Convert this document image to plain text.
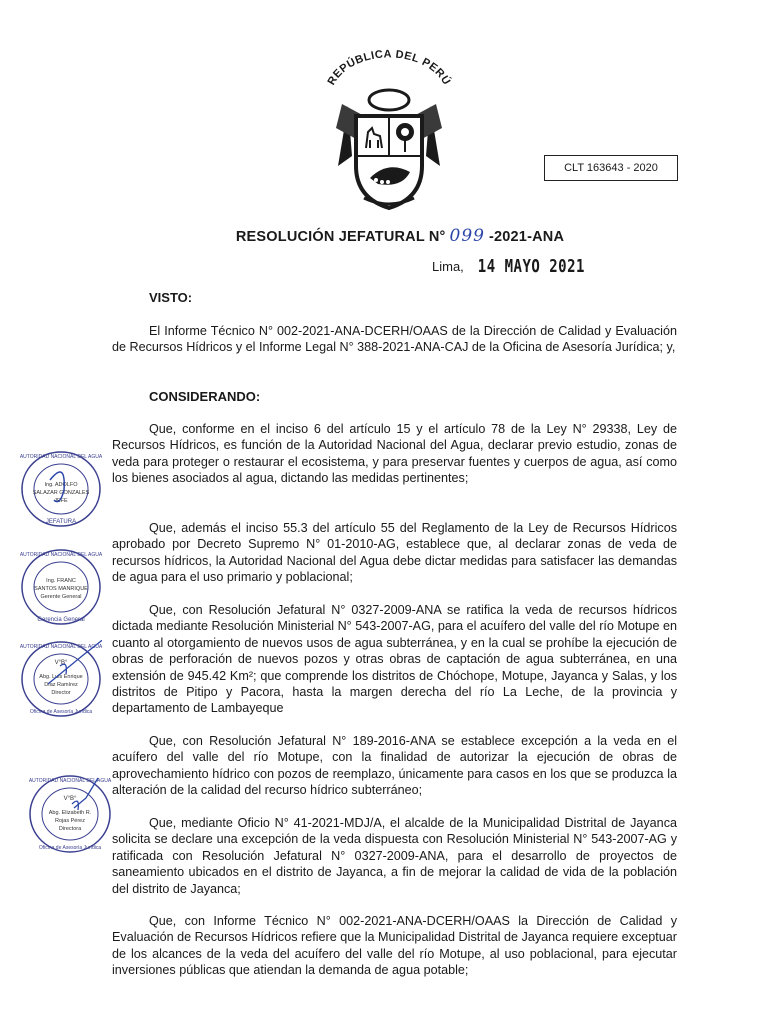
REPÚBLICA DEL PERÚ
CLT 163643 - 2020
RESOLUCIÓN JEFATURAL N° 099 -2021-ANA
Lima, 14 MAYO 2021
VISTO:
El Informe Técnico N° 002-2021-ANA-DCERH/OAAS de la Dirección de Calidad y Evaluación de Recursos Hídricos y el Informe Legal N° 388-2021-ANA-CAJ de la Oficina de Asesoría Jurídica; y,
CONSIDERANDO:
Que, conforme en el inciso 6 del artículo 15 y el artículo 78 de la Ley N° 29338, Ley de Recursos Hídricos, es función de la Autoridad Nacional del Agua, declarar previo estudio, zonas de veda para proteger o restaurar el ecosistema, y para preservar fuentes y cuerpos de agua, así como los bienes asociados al agua, dictando las medidas pertinentes;
Que, además el inciso 55.3 del artículo 55 del Reglamento de la Ley de Recursos Hídricos aprobado por Decreto Supremo N° 01-2010-AG, establece que, al declarar zonas de veda de recursos hídricos, la Autoridad Nacional del Agua debe dictar medidas para satisfacer las demandas de agua para el uso primario y poblacional;
Que, con Resolución Jefatural N° 0327-2009-ANA se ratifica la veda de recursos hídricos dictada mediante Resolución Ministerial N° 543-2007-AG, para el acuífero del valle del río Motupe en cuanto al otorgamiento de nuevos usos de agua subterránea, y en la cual se prohíbe la ejecución de obras de perforación de nuevos pozos y otras obras de captación de agua subterránea, en una extensión de 945.42 Km²; que comprende los distritos de Chóchope, Motupe, Jayanca y Salas, y los distritos de Pitipo y Pacora, hasta la margen derecha del río La Leche, de la provincia y departamento de Lambayeque
Que, con Resolución Jefatural N° 189-2016-ANA se establece excepción a la veda en el acuífero del valle del río Motupe, con la finalidad de autorizar la ejecución de obras de aprovechamiento hídrico con pozos de reemplazo, únicamente para casos en los que se produzca la alteración de la calidad del recurso hídrico subterráneo;
Que, mediante Oficio N° 41-2021-MDJ/A, el alcalde de la Municipalidad Distrital de Jayanca solicita se declare una excepción de la veda dispuesta con Resolución Ministerial N° 543-2007-AG y ratificada con Resolución Jefatural N° 0327-2009-ANA, para el desarrollo de proyectos de saneamiento ubicados en el distrito de Jayanca, a fin de mejorar la calidad de vida de la población del distrito de Jayanca;
Que, con Informe Técnico N° 002-2021-ANA-DCERH/OAAS la Dirección de Calidad y Evaluación de Recursos Hídricos refiere que la Municipalidad Distrital de Jayanca requiere exceptuar de los alcances de la veda del acuífero del valle del río Motupe, al uso poblacional, para ejecutar inversiones públicas que atiendan la demanda de agua potable;
AUTORIDAD NACIONAL DEL AGUA
Ing. ADOLFO
SALAZAR GONZALES
JEFE
JEFATURA
AUTORIDAD NACIONAL DEL AGUA
Ing. FRANC
SANTOS MANRIQUE
Gerente General
Gerencia General
AUTORIDAD NACIONAL DEL AGUA
V°B°
Abg. Luis Enrique
Díaz Ramírez
Director
Oficina de Asesoría Jurídica
AUTORIDAD NACIONAL DEL AGUA
V°B°
Abg. Elizabeth R.
Rojas Pérez
Directora
Oficina de Asesoría Jurídica
